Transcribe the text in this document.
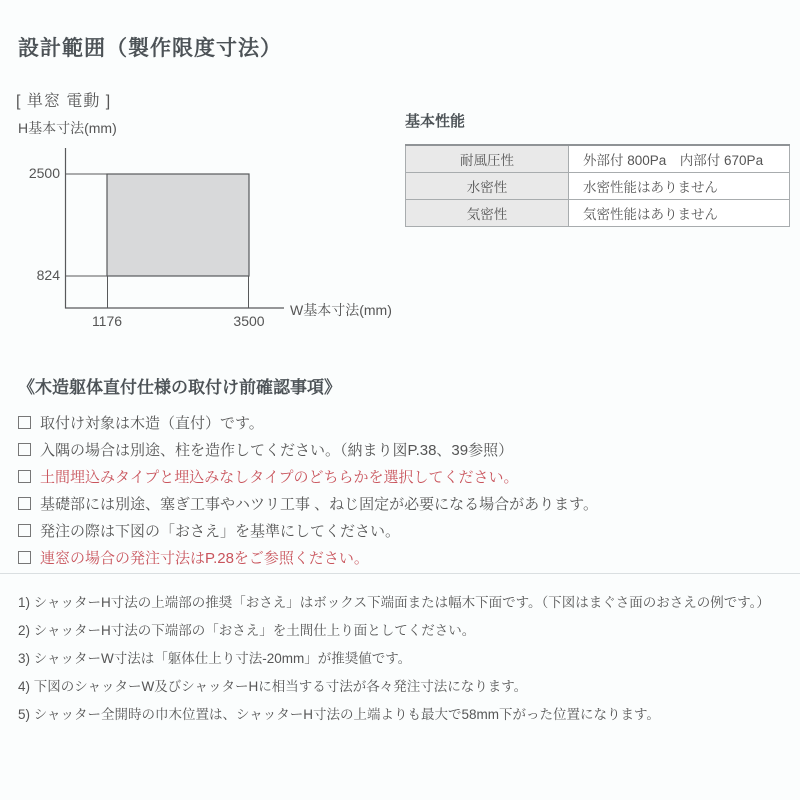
設計範囲（製作限度寸法）
[ 単窓 電動 ]
H基本寸法(mm)
2500
824
1176	3500
W基本寸法(mm)
基本性能
耐風圧性	外部付 800Pa　内部付 670Pa
水密性	水密性能はありません
気密性	気密性能はありません
《木造躯体直付仕様の取付け前確認事項》
取付け対象は木造（直付）です。
入隅の場合は別途、柱を造作してください。（納まり図P.38、39参照）
土間埋込みタイプと埋込みなしタイプのどちらかを選択してください。
基礎部には別途、塞ぎ工事やハツリ工事 、ねじ固定が必要になる場合があります。
発注の際は下図の「おさえ」を基準にしてください。
連窓の場合の発注寸法はP.28をご参照ください。
1) シャッターH寸法の上端部の推奨「おさえ」はボックス下端面または幅木下面です。（下図はまぐさ面のおさえの例です。）
2) シャッターH寸法の下端部の「おさえ」を土間仕上り面としてください。
3) シャッターW寸法は「躯体仕上り寸法-20mm」が推奨値です。
4) 下図のシャッターW及びシャッターHに相当する寸法が各々発注寸法になります。
5) シャッター全開時の巾木位置は、シャッターH寸法の上端よりも最大で58mm下がった位置になります。
